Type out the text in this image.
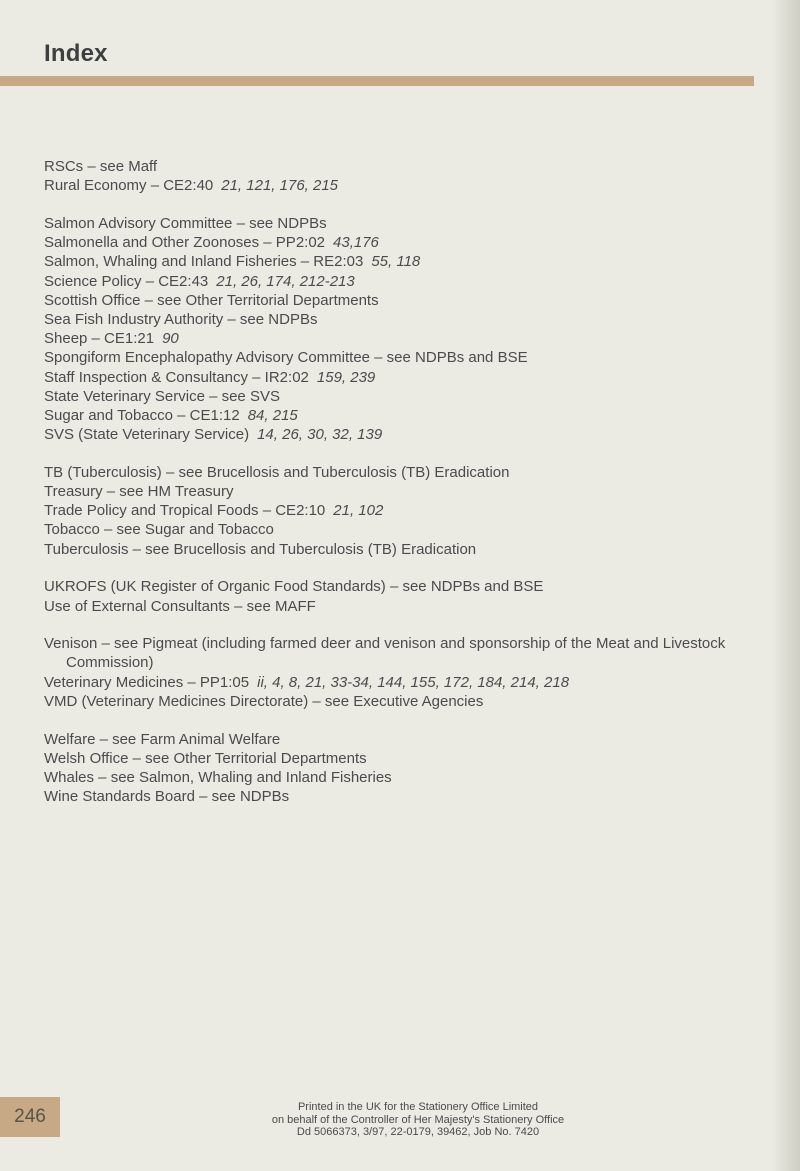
Index
RSCs – see Maff
Rural Economy – CE2:40 21, 121, 176, 215
Salmon Advisory Committee – see NDPBs
Salmonella and Other Zoonoses – PP2:02 43,176
Salmon, Whaling and Inland Fisheries – RE2:03 55, 118
Science Policy – CE2:43 21, 26, 174, 212-213
Scottish Office – see Other Territorial Departments
Sea Fish Industry Authority – see NDPBs
Sheep – CE1:21 90
Spongiform Encephalopathy Advisory Committee – see NDPBs and BSE
Staff Inspection & Consultancy – IR2:02 159, 239
State Veterinary Service – see SVS
Sugar and Tobacco – CE1:12 84, 215
SVS (State Veterinary Service) 14, 26, 30, 32, 139
TB (Tuberculosis) – see Brucellosis and Tuberculosis (TB) Eradication
Treasury – see HM Treasury
Trade Policy and Tropical Foods – CE2:10 21, 102
Tobacco – see Sugar and Tobacco
Tuberculosis – see Brucellosis and Tuberculosis (TB) Eradication
UKROFS (UK Register of Organic Food Standards) – see NDPBs and BSE
Use of External Consultants – see MAFF
Venison – see Pigmeat (including farmed deer and venison and sponsorship of the Meat and Livestock Commission)
Veterinary Medicines – PP1:05 ii, 4, 8, 21, 33-34, 144, 155, 172, 184, 214, 218
VMD (Veterinary Medicines Directorate) – see Executive Agencies
Welfare – see Farm Animal Welfare
Welsh Office – see Other Territorial Departments
Whales – see Salmon, Whaling and Inland Fisheries
Wine Standards Board – see NDPBs
246	Printed in the UK for the Stationery Office Limited
on behalf of the Controller of Her Majesty's Stationery Office
Dd 5066373, 3/97, 22-0179, 39462, Job No. 7420
